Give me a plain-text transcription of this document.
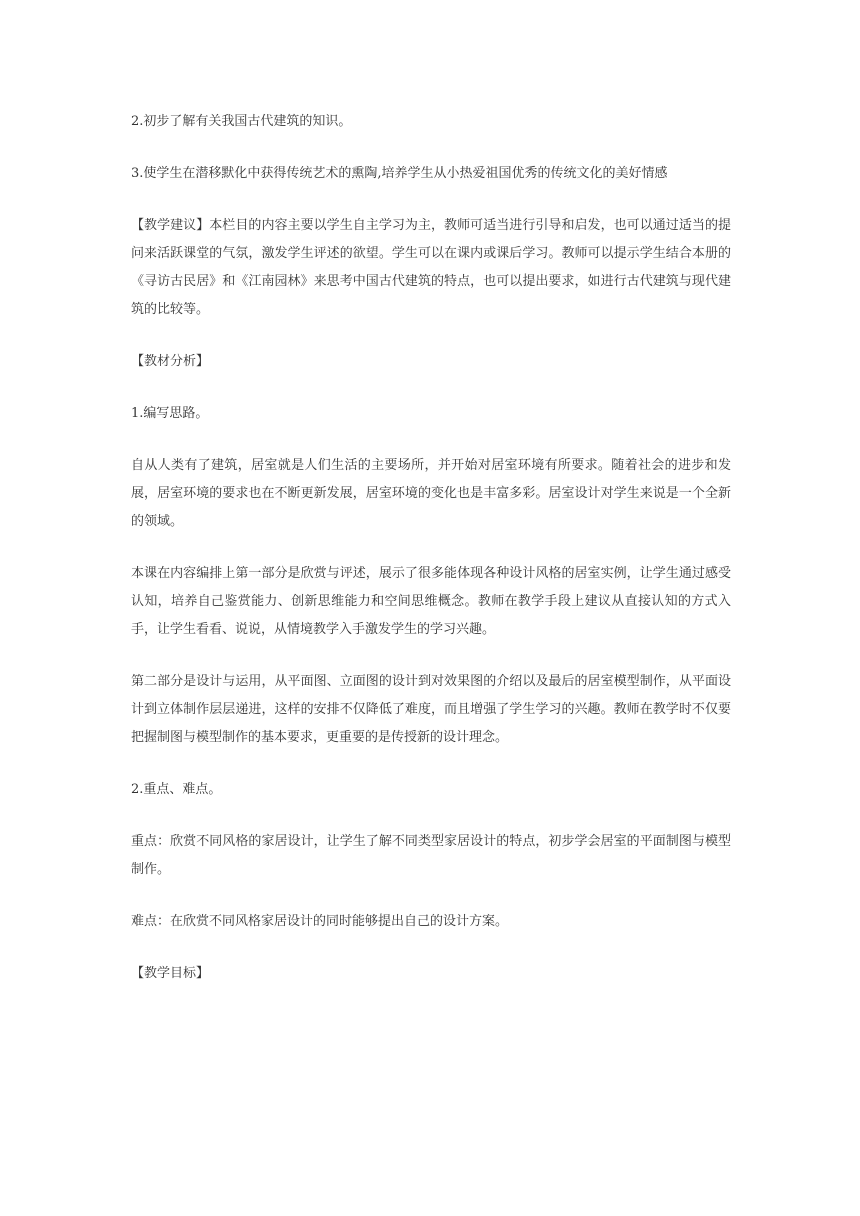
2.初步了解有关我国古代建筑的知识。

3.使学生在潜移默化中获得传统艺术的熏陶,培养学生从小热爱祖国优秀的传统文化的美好情感

【教学建议】本栏目的内容主要以学生自主学习为主，教师可适当进行引导和启发，也可以通过适当的提问来活跃课堂的气氛，激发学生评述的欲望。学生可以在课内或课后学习。教师可以提示学生结合本册的《寻访古民居》和《江南园林》来思考中国古代建筑的特点，也可以提出要求，如进行古代建筑与现代建筑的比较等。

【教材分析】

1.编写思路。

自从人类有了建筑，居室就是人们生活的主要场所，并开始对居室环境有所要求。随着社会的进步和发展，居室环境的要求也在不断更新发展，居室环境的变化也是丰富多彩。居室设计对学生来说是一个全新的领域。

本课在内容编排上第一部分是欣赏与评述，展示了很多能体现各种设计风格的居室实例，让学生通过感受认知，培养自己鉴赏能力、创新思维能力和空间思维概念。教师在教学手段上建议从直接认知的方式入手，让学生看看、说说，从情境教学入手激发学生的学习兴趣。

第二部分是设计与运用，从平面图、立面图的设计到对效果图的介绍以及最后的居室模型制作，从平面设计到立体制作层层递进，这样的安排不仅降低了难度，而且增强了学生学习的兴趣。教师在教学时不仅要把握制图与模型制作的基本要求，更重要的是传授新的设计理念。

2.重点、难点。

重点：欣赏不同风格的家居设计，让学生了解不同类型家居设计的特点，初步学会居室的平面制图与模型制作。

难点：在欣赏不同风格家居设计的同时能够提出自己的设计方案。

【教学目标】
